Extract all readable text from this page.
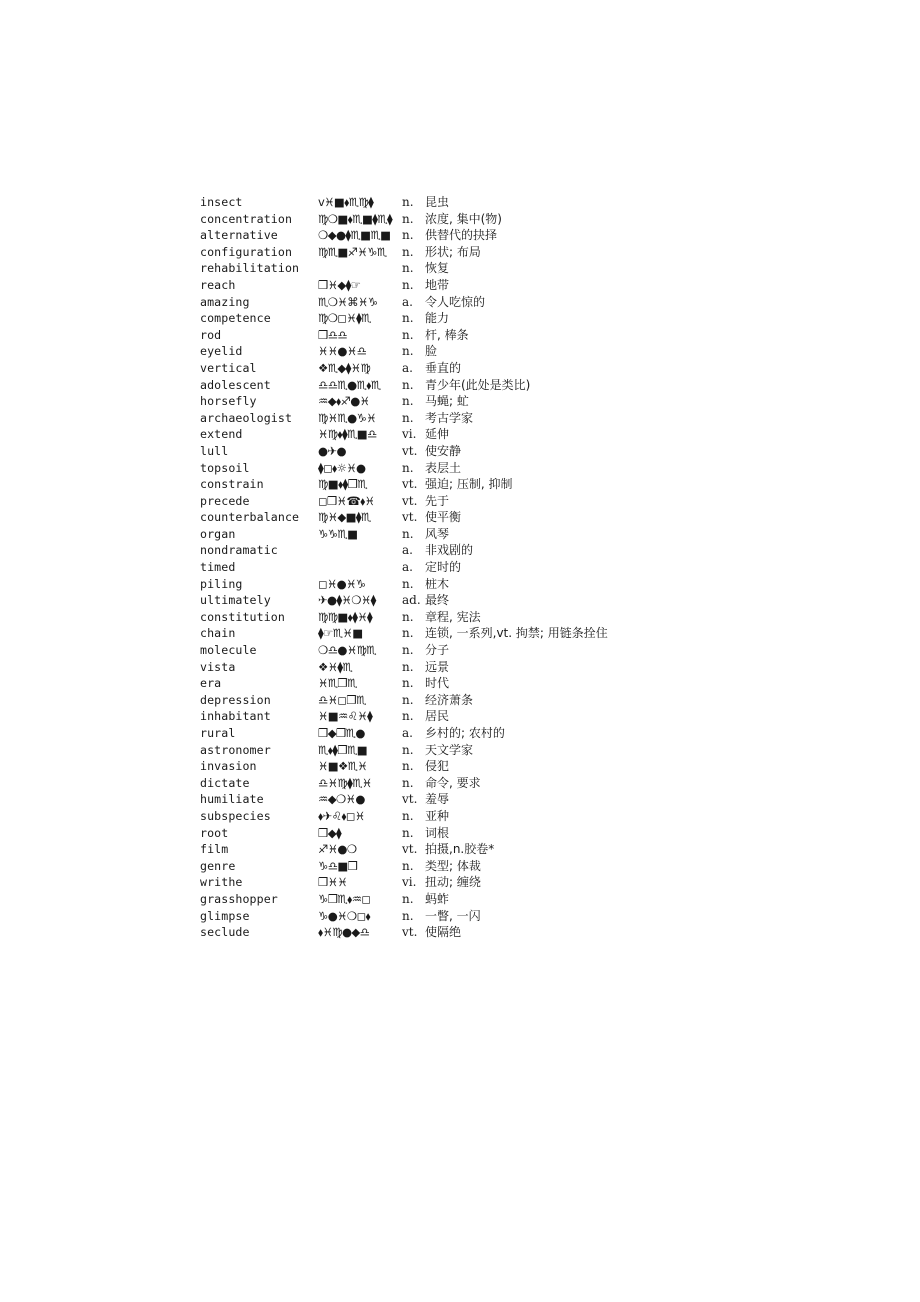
insect	ⅴ♓■⬧♏♍⧫	n. 昆虫
concentration	♍❍■⬧♏■⧫♏⧫ n. 浓度, 集中(物)
alternative	❍◆●⧫♏■♏■ n. 供替代的抉择
configuration	♍♏■♐♓♑♏	n. 形状; 布局
rehabilitation	n. 恢复
reach	❒♓◆⧫☞	n. 地带
amazing	♏❍♓⌘♓♑	a.	令人吃惊的
competence	♍❍◻♓⧫♏	n. 能力
rod	❒♎♎	n. 杆, 棒条
eyelid	♓♓●♓♎	n. 脸
vertical	❖♏◆⧫♓♍	a.	垂直的
adolescent	♎♎♏●♏⬧♏	n. 青少年(此处是类比)
horsefly	♒◆⬧♐●♓	n. 马蝇; 虻
archaeologist	♍♓♏●♑♓	n. 考古学家
extend	♓♍⬧⧫♏■♎	vi. 延伸
lull	●✈●	vt. 使安静
topsoil	⧫◻⬧☼♓●	n. 表层土
constrain	♍■⬧⧫❒♏	vt. 强迫; 压制, 抑制
precede	◻❒♓☎⬧♓	vt. 先于
counterbalance	♍♓◆■⧫♏	vt. 使平衡
organ	♑♑♏■	n. 风琴
nondramatic	a.	非戏剧的
timed	a.	定时的
piling	◻♓●♓♑	n. 桩木
ultimately	✈●⧫♓❍♓⧫	ad. 最终
constitution	♍♍■⬧⧫♓⧫	n. 章程, 宪法
chain	⧫☞♏♓■	n. 连锁, 一系列,vt. 拘禁; 用链条拴住
molecule	❍♎●♓♍♏	n. 分子
vista	❖♓⧫♏	n. 远景
era	♓♏❒♏	n. 时代
depression	♎♓◻❒♏	n. 经济萧条
inhabitant	♓■♒♌♓⧫	n. 居民
rural	❒◆❒♏●	a.	乡村的; 农村的
astronomer	♏⬧⧫❒♏■	n. 天文学家
invasion	♓■❖♏♓	n. 侵犯
dictate	♎♓♍⧫♏♓	n. 命令, 要求
humiliate	♒◆❍♓●	vt. 羞辱
subspecies	⬧✈♌⬧◻♓	n. 亚种
root	❒◆⧫	n. 词根
film	♐♓●❍	vt. 拍摄,n.胶卷*
genre	♑♎■❒	n. 类型; 体裁
writhe	❒♓♓	vi. 扭动; 缠绕
grasshopper	♑❒♏⬧♒◻	n. 蚂蚱
glimpse	♑●♓❍◻⬧	n. 一瞥, 一闪
seclude	⬧♓♍●◆♎	vt. 使隔绝
